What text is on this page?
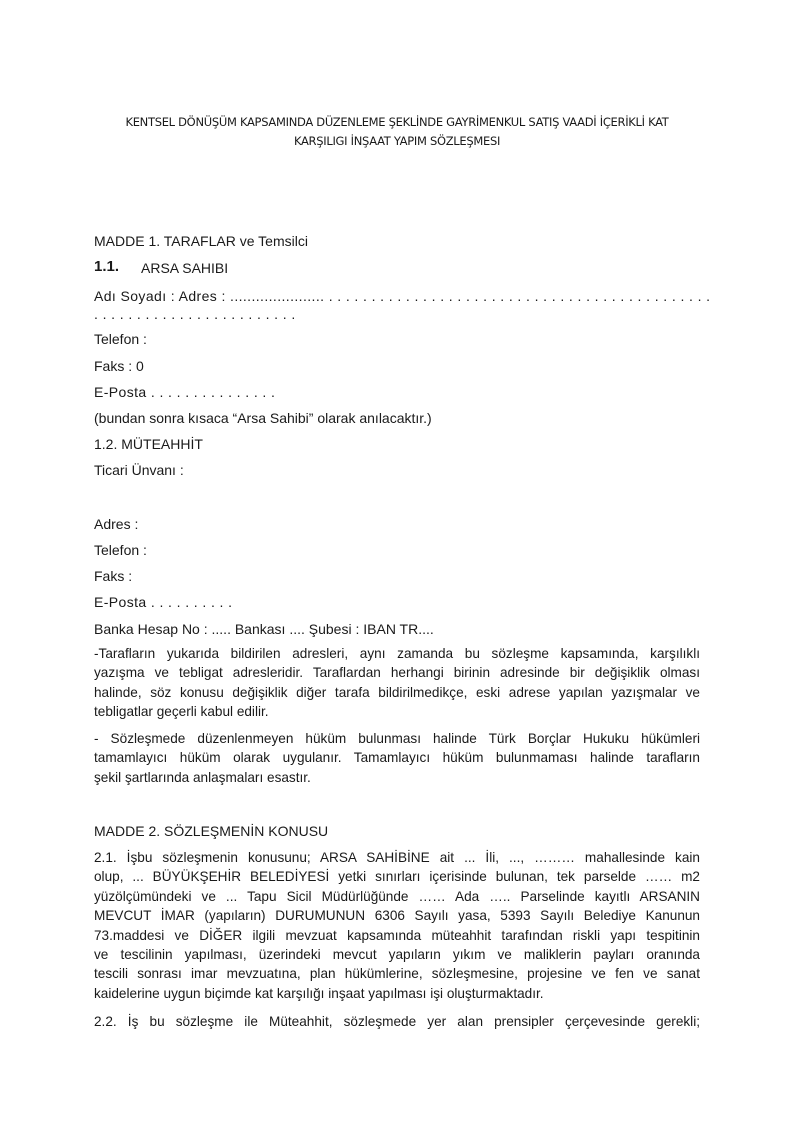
KENTSEL DÖNÜŞÜM KAPSAMINDA DÜZENLEME ŞEKLİNDE GAYRİMENKUL SATIŞ VAADİ İÇERİKLİ KAT
KARŞILIGI İNŞAAT YAPIM SÖZLEŞMESI
MADDE 1. TARAFLAR ve Temsilci
1.1. ARSA SAHIBI
Adı Soyadı : Adres : ...................... . . . . . . . . . . . . . . . . . . . . . . . . . . . . . . . . . . . . . . . . . . . . .
. . . . . . . . . . . . . . . . . . . . . . . .
Telefon :
Faks : 0
E-Posta . . . . . . . . . . . . . . .
(bundan sonra kısaca “Arsa Sahibi” olarak anılacaktır.)
1.2. MÜTEAHHİT
Ticari Ünvanı :
Adres :
Telefon :
Faks :
E-Posta . . . . . . . . . .
Banka Hesap No : ..... Bankası .... Şubesi : IBAN TR....
-Tarafların yukarıda bildirilen adresleri, aynı zamanda bu sözleşme kapsamında, karşılıklı
yazışma ve tebligat adresleridir. Taraflardan herhangi birinin adresinde bir değişiklik olması
halinde, söz konusu değişiklik diğer tarafa bildirilmedikçe, eski adrese yapılan yazışmalar ve
tebligatlar geçerli kabul edilir.
- Sözleşmede düzenlenmeyen hüküm bulunması halinde Türk Borçlar Hukuku hükümleri
tamamlayıcı hüküm olarak uygulanır. Tamamlayıcı hüküm bulunmaması halinde tarafların
şekil şartlarında anlaşmaları esastır.
MADDE 2. SÖZLEŞMENİN KONUSU
2.1. İşbu sözleşmenin konusunu; ARSA SAHİBİNE ait ... İli, ..., ……… mahallesinde kain
olup, ... BÜYÜKŞEHİR BELEDİYESİ yetki sınırları içerisinde bulunan, tek parselde …… m2
yüzölçümündeki ve ... Tapu Sicil Müdürlüğünde …… Ada ….. Parselinde kayıtlı ARSANIN
MEVCUT İMAR (yapıların) DURUMUNUN 6306 Sayılı yasa, 5393 Sayılı Belediye Kanunun
73.maddesi ve DİĞER ilgili mevzuat kapsamında müteahhit tarafından riskli yapı tespitinin
ve tescilinin yapılması, üzerindeki mevcut yapıların yıkım ve maliklerin payları oranında
tescili sonrası imar mevzuatına, plan hükümlerine, sözleşmesine, projesine ve fen ve sanat
kaidelerine uygun biçimde kat karşılığı inşaat yapılması işi oluşturmaktadır.
2.2. İş bu sözleşme ile Müteahhit, sözleşmede yer alan prensipler çerçevesinde gerekli;
